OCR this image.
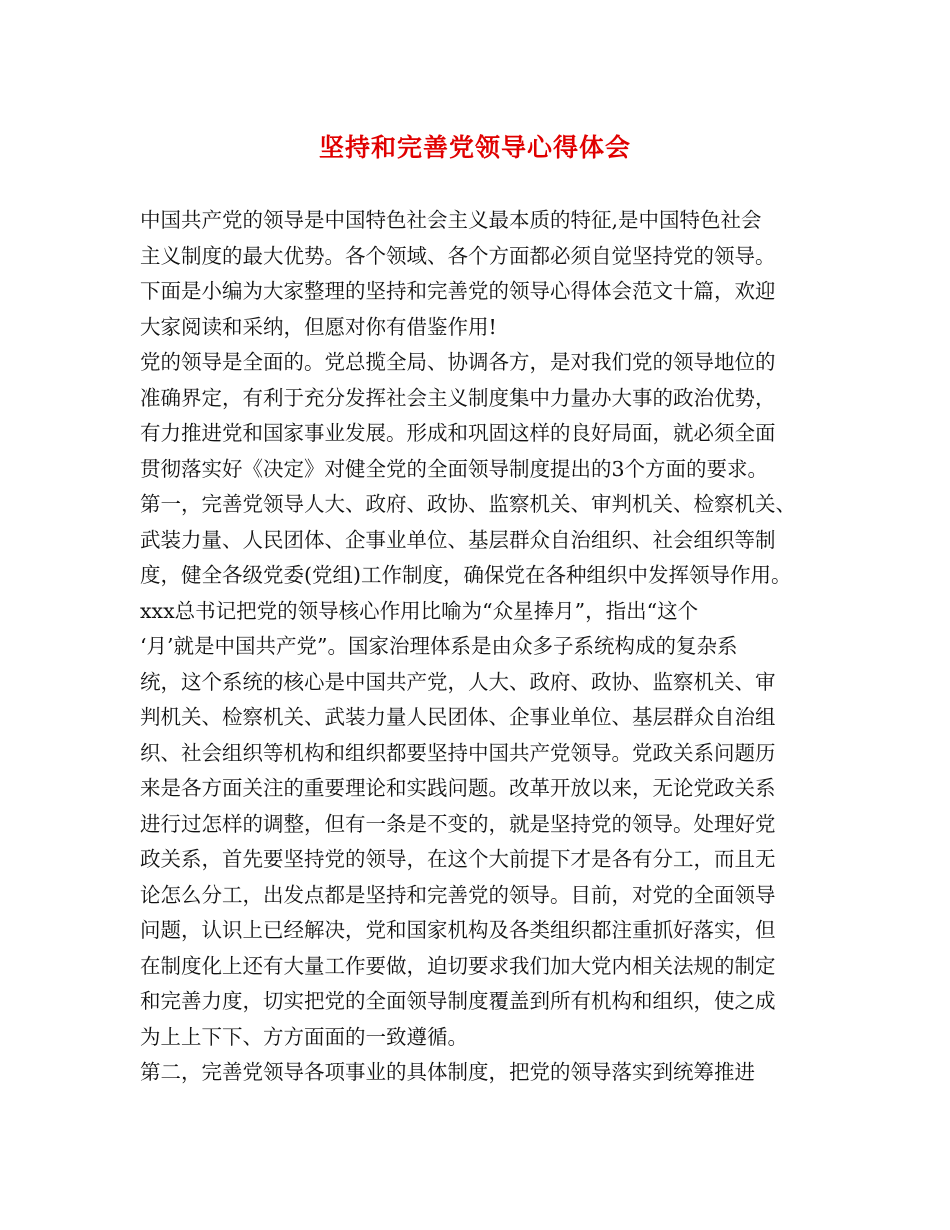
坚持和完善党领导心得体会
中国共产党的领导是中国特色社会主义最本质的特征,是中国特色社会
主义制度的最大优势。各个领域、各个方面都必须自觉坚持党的领导。
下面是小编为大家整理的坚持和完善党的领导心得体会范文十篇，欢迎
大家阅读和采纳，但愿对你有借鉴作用!
党的领导是全面的。党总揽全局、协调各方，是对我们党的领导地位的
准确界定，有利于充分发挥社会主义制度集中力量办大事的政治优势，
有力推进党和国家事业发展。形成和巩固这样的良好局面，就必须全面
贯彻落实好《决定》对健全党的全面领导制度提出的3个方面的要求。
第一，完善党领导人大、政府、政协、监察机关、审判机关、检察机关、
武装力量、人民团体、企事业单位、基层群众自治组织、社会组织等制
度，健全各级党委(党组)工作制度，确保党在各种组织中发挥领导作用。
xxx总书记把党的领导核心作用比喻为“众星捧月”，指出“这个
‘月’就是中国共产党”。国家治理体系是由众多子系统构成的复杂系
统，这个系统的核心是中国共产党，人大、政府、政协、监察机关、审
判机关、检察机关、武装力量人民团体、企事业单位、基层群众自治组
织、社会组织等机构和组织都要坚持中国共产党领导。党政关系问题历
来是各方面关注的重要理论和实践问题。改革开放以来，无论党政关系
进行过怎样的调整，但有一条是不变的，就是坚持党的领导。处理好党
政关系，首先要坚持党的领导，在这个大前提下才是各有分工，而且无
论怎么分工，出发点都是坚持和完善党的领导。目前，对党的全面领导
问题，认识上已经解决，党和国家机构及各类组织都注重抓好落实，但
在制度化上还有大量工作要做，迫切要求我们加大党内相关法规的制定
和完善力度，切实把党的全面领导制度覆盖到所有机构和组织，使之成
为上上下下、方方面面的一致遵循。
第二，完善党领导各项事业的具体制度，把党的领导落实到统筹推进
